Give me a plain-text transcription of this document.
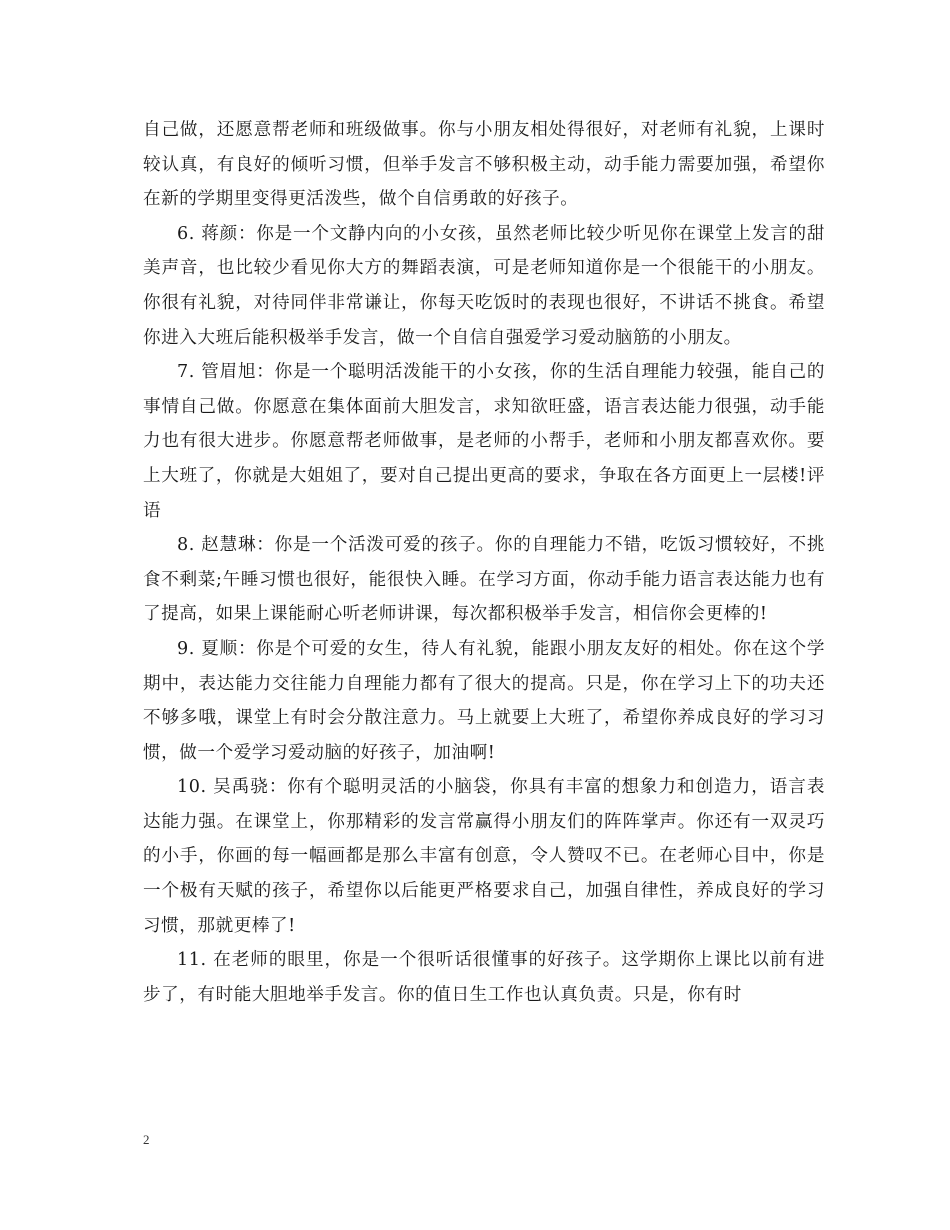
自己做，还愿意帮老师和班级做事。你与小朋友相处得很好，对老师有礼貌，上课时较认真，有良好的倾听习惯，但举手发言不够积极主动，动手能力需要加强，希望你在新的学期里变得更活泼些，做个自信勇敢的好孩子。

6. 蒋颜：你是一个文静内向的小女孩，虽然老师比较少听见你在课堂上发言的甜美声音，也比较少看见你大方的舞蹈表演，可是老师知道你是一个很能干的小朋友。你很有礼貌，对待同伴非常谦让，你每天吃饭时的表现也很好，不讲话不挑食。希望你进入大班后能积极举手发言，做一个自信自强爱学习爱动脑筋的小朋友。

7. 管眉旭：你是一个聪明活泼能干的小女孩，你的生活自理能力较强，能自己的事情自己做。你愿意在集体面前大胆发言，求知欲旺盛，语言表达能力很强，动手能力也有很大进步。你愿意帮老师做事，是老师的小帮手，老师和小朋友都喜欢你。要上大班了，你就是大姐姐了，要对自己提出更高的要求，争取在各方面更上一层楼!评语

8. 赵慧琳：你是一个活泼可爱的孩子。你的自理能力不错，吃饭习惯较好，不挑食不剩菜;午睡习惯也很好，能很快入睡。在学习方面，你动手能力语言表达能力也有了提高，如果上课能耐心听老师讲课，每次都积极举手发言，相信你会更棒的!

9. 夏顺：你是个可爱的女生，待人有礼貌，能跟小朋友友好的相处。你在这个学期中，表达能力交往能力自理能力都有了很大的提高。只是，你在学习上下的功夫还不够多哦，课堂上有时会分散注意力。马上就要上大班了，希望你养成良好的学习习惯，做一个爱学习爱动脑的好孩子，加油啊!

10. 吴禹骁：你有个聪明灵活的小脑袋，你具有丰富的想象力和创造力，语言表达能力强。在课堂上，你那精彩的发言常赢得小朋友们的阵阵掌声。你还有一双灵巧的小手，你画的每一幅画都是那么丰富有创意，令人赞叹不已。在老师心目中，你是一个极有天赋的孩子，希望你以后能更严格要求自己，加强自律性，养成良好的学习习惯，那就更棒了!

11. 在老师的眼里，你是一个很听话很懂事的好孩子。这学期你上课比以前有进步了，有时能大胆地举手发言。你的值日生工作也认真负责。只是，你有时

2
